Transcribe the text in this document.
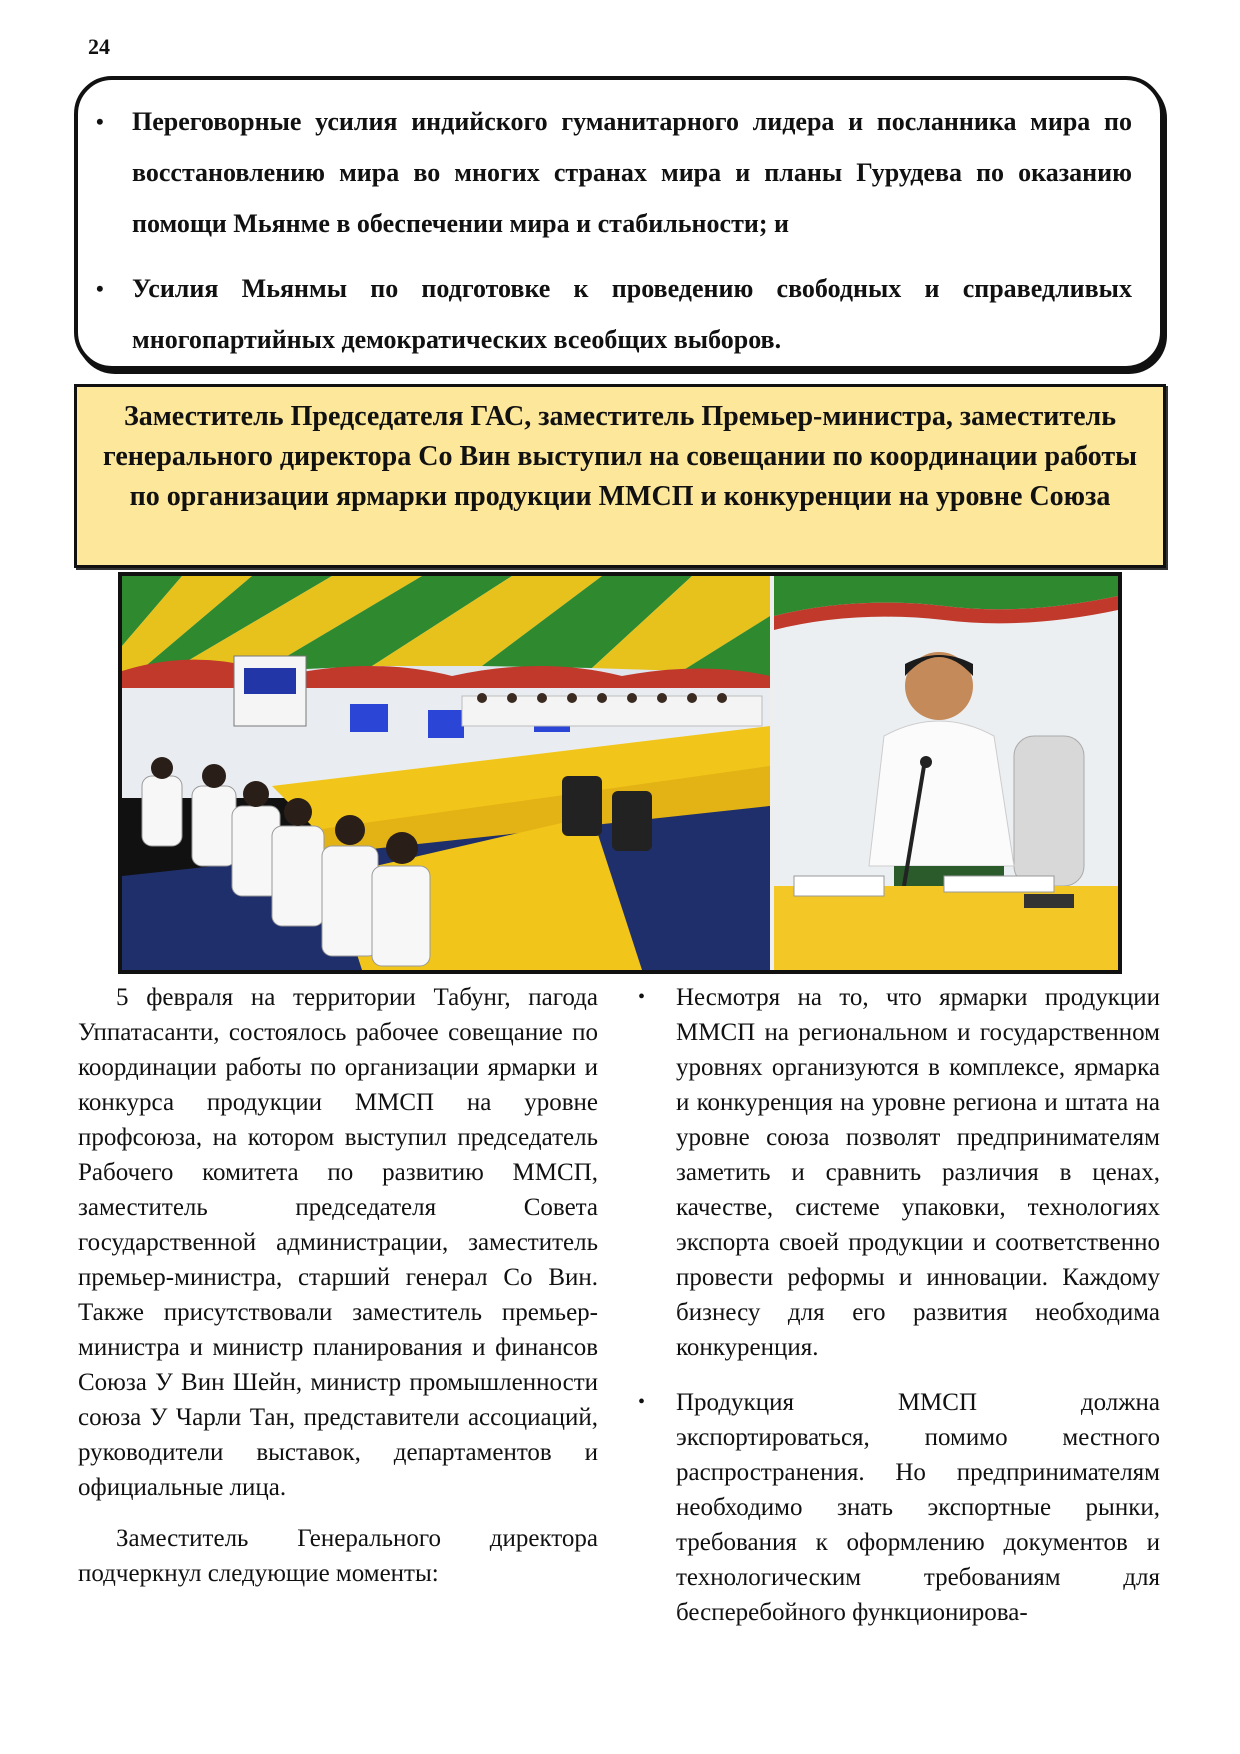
24
• Переговорные усилия индийского гуманитарного лидера и посланника мира по восстановлению мира во многих странах мира и планы Гурудева по оказанию помощи Мьянме в обеспечении мира и стабильности; и
• Усилия Мьянмы по подготовке к проведению свободных и справедливых многопартийных демократических всеобщих выборов.

Заместитель Председателя ГАС, заместитель Премьер-министра, заместитель генерального директора Со Вин выступил на совещании по координации работы по организации ярмарки продукции ММСП и конкуренции на уровне Союза

5 февраля на территории Табунг, пагода Уппатасанти, состоялось рабочее совещание по координации работы по организации ярмарки и конкурса продукции ММСП на уровне профсоюза, на котором выступил председатель Рабочего комитета по развитию ММСП, заместитель председателя Совета государственной администрации, заместитель премьер-министра, старший генерал Со Вин. Также присутствовали заместитель премьер-министра и министр планирования и финансов Союза У Вин Шейн, министр промышленности союза У Чарли Тан, представители ассоциаций, руководители выставок, департаментов и официальные лица.

Заместитель Генерального директора подчеркнул следующие моменты:

• Несмотря на то, что ярмарки продукции ММСП на региональном и государственном уровнях организуются в комплексе, ярмарка и конкуренция на уровне региона и штата на уровне союза позволят предпринимателям заметить и сравнить различия в ценах, качестве, системе упаковки, технологиях экспорта своей продукции и соответственно провести реформы и инновации. Каждому бизнесу для его развития необходима конкуренция.
• Продукция ММСП должна экспортироваться, помимо местного распространения. Но предпринимателям необходимо знать экспортные рынки, требования к оформлению документов и технологическим требованиям для бесперебойного функционирова-
